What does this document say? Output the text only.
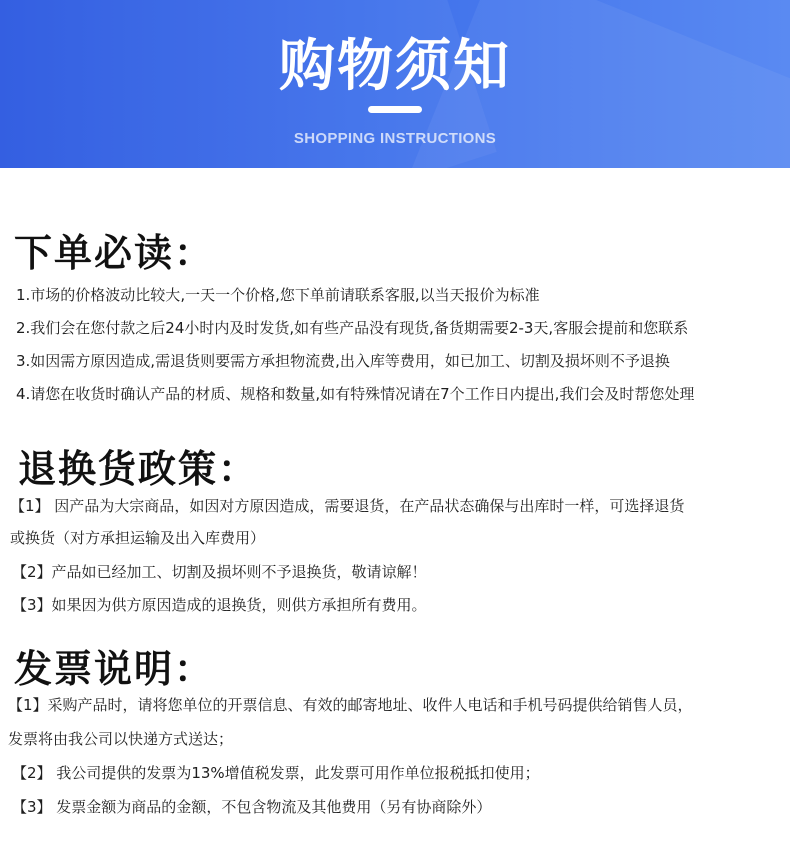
购物须知
SHOPPING INSTRUCTIONS
下单必读：
1.市场的价格波动比较大,一天一个价格,您下单前请联系客服,以当天报价为标准
2.我们会在您付款之后24小时内及时发货,如有些产品没有现货,备货期需要2-3天,客服会提前和您联系
3.如因需方原因造成,需退货则要需方承担物流费,出入库等费用，如已加工、切割及损坏则不予退换
4.请您在收货时确认产品的材质、规格和数量,如有特殊情况请在7个工作日内提出,我们会及时帮您处理
退换货政策：
【1】 因产品为大宗商品，如因对方原因造成，需要退货，在产品状态确保与出库时一样，可选择退货
或换货（对方承担运输及出入库费用）
【2】产品如已经加工、切割及损坏则不予退换货，敬请谅解！
【3】如果因为供方原因造成的退换货，则供方承担所有费用。
发票说明：
【1】采购产品时，请将您单位的开票信息、有效的邮寄地址、收件人电话和手机号码提供给销售人员，
发票将由我公司以快递方式送达；
【2】 我公司提供的发票为13%增值税发票，此发票可用作单位报税抵扣使用；
【3】 发票金额为商品的金额，不包含物流及其他费用（另有协商除外）
